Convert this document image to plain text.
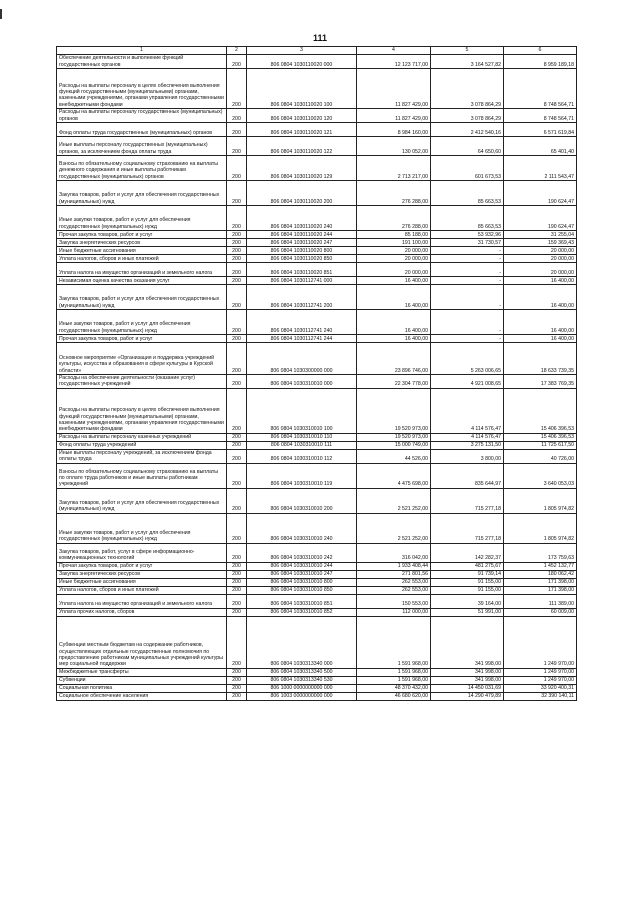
111
1	2	3	4	5	6
Обеспечение деятельности и выполнение функций государственных органов	200	806 0804 1030110020 000	12 123 717,00	3 164 527,82	8 959 189,18
Расходы на выплаты персоналу в целях обеспечения выполнения функций государственными (муниципальными) органами, казенными учреждениями, органами управления государственными внебюджетными фондами	200	806 0804 1030110020 100	11 827 429,00	3 078 864,29	8 748 564,71
Расходы на выплаты персоналу государственных (муниципальных) органов	200	806 0804 1030110020 120	11 827 429,00	3 078 864,29	8 748 564,71
Фонд оплаты труда государственных (муниципальных) органов	200	806 0804 1030110020 121	8 984 160,00	2 412 540,16	6 571 619,84
Иные выплаты персоналу государственных (муниципальных) органов, за исключением фонда оплаты труда	200	806 0804 1030110020 122	130 052,00	64 650,60	65 401,40
Взносы по обязательному социальному страхованию на выплаты денежного содержания и иные выплаты работникам государственных (муниципальных) органов	200	806 0804 1030110020 129	2 713 217,00	601 673,53	2 111 543,47
Закупка товаров, работ и услуг для обеспечения государственных (муниципальных) нужд	200	806 0804 1030110020 200	276 288,00	85 663,53	190 624,47
Иные закупки товаров, работ и услуг для обеспечения государственных (муниципальных) нужд	200	806 0804 1030110020 240	276 288,00	85 663,53	190 624,47
Прочая закупка товаров, работ и услуг	200	806 0804 1030110020 244	85 188,00	53 932,96	31 255,04
Закупка энергетических ресурсов	200	806 0804 1030110020 247	191 100,00	31 730,57	159 369,43
Иные бюджетные ассигнования	200	806 0804 1030110020 800	20 000,00	-	20 000,00
Уплата налогов, сборов и иных платежей	200	806 0804 1030110020 850	20 000,00	-	20 000,00
Уплата налога на имущество организаций и земельного налога	200	806 0804 1030110020 851	20 000,00	-	20 000,00
Независимая оценка качества оказания услуг	200	806 0804 1030112741 000	16 400,00	-	16 400,00
Закупка товаров, работ и услуг для обеспечения государственных (муниципальных) нужд	200	806 0804 1030112741 200	16 400,00	-	16 400,00
Иные закупки товаров, работ и услуг для обеспечения государственных (муниципальных) нужд	200	806 0804 1030112741 240	16 400,00	-	16 400,00
Прочая закупка товаров, работ и услуг	200	806 0804 1030112741 244	16 400,00	-	16 400,00
Основное мероприятие «Организация и поддержка учреждений культуры, искусства и образования в сфере культуры в Курской области»	200	806 0804 1030300000 000	23 896 746,00	5 263 006,65	18 633 739,35
Расходы на обеспечение деятельности (оказание услуг) государственных учреждений	200	806 0804 1030310010 000	22 304 778,00	4 921 008,65	17 383 769,35
Расходы на выплаты персоналу в целях обеспечения выполнения функций государственными (муниципальными) органами, казенными учреждениями, органами управления государственными внебюджетными фондами	200	806 0804 1030310010 100	19 520 973,00	4 114 576,47	15 406 396,53
Расходы на выплаты персоналу казенных учреждений	200	806 0804 1030310010 110	19 520 973,00	4 114 576,47	15 406 396,53
Фонд оплаты труда учреждений	200	806 0804 1030310010 111	15 000 749,00	3 275 131,50	11 725 617,50
Иные выплаты персоналу учреждений, за исключением фонда оплаты труда	200	806 0804 1030310010 112	44 526,00	3 800,00	40 726,00
Взносы по обязательному социальному страхованию на выплаты по оплате труда работников и иные выплаты работникам учреждений	200	806 0804 1030310010 119	4 475 698,00	835 644,97	3 640 053,03
Закупка товаров, работ и услуг для обеспечения государственных (муниципальных) нужд	200	806 0804 1030310010 200	2 521 252,00	715 277,18	1 805 974,82
Иные закупки товаров, работ и услуг для обеспечения государственных (муниципальных) нужд	200	806 0804 1030310010 240	2 521 252,00	715 277,18	1 805 974,82
Закупка товаров, работ, услуг в сфере информационно-коммуникационных технологий	200	806 0804 1030310010 242	316 042,00	142 282,37	173 759,63
Прочая закупка товаров, работ и услуг	200	806 0804 1030310010 244	1 933 408,44	481 275,67	1 452 132,77
Закупка энергетических ресурсов	200	806 0804 1030310010 247	271 801,56	91 739,14	180 062,42
Иные бюджетные ассигнования	200	806 0804 1030310010 800	262 553,00	91 155,00	171 398,00
Уплата налогов, сборов и иных платежей	200	806 0804 1030310010 850	262 553,00	91 155,00	171 398,00
Уплата налога на имущество организаций и земельного налога	200	806 0804 1030310010 851	150 553,00	39 164,00	111 389,00
Уплата прочих налогов, сборов	200	806 0804 1030310010 852	112 000,00	51 991,00	60 009,00
Субвенции местным бюджетам на содержание работников, осуществляющих отдельные государственные полномочия по предоставлению работникам муниципальных учреждений культуры мер социальной поддержки	200	806 0804 1030313340 000	1 591 968,00	341 998,00	1 249 970,00
Межбюджетные трансферты	200	806 0804 1030313340 500	1 591 968,00	341 998,00	1 249 970,00
Субвенции	200	806 0804 1030313340 530	1 591 968,00	341 998,00	1 249 970,00
Социальная политика	200	806 1000 0000000000 000	48 370 432,00	14 450 031,69	33 920 400,31
Социальное обеспечение населения	200	806 1003 0000000000 000	46 680 620,00	14 290 479,89	32 390 140,11
